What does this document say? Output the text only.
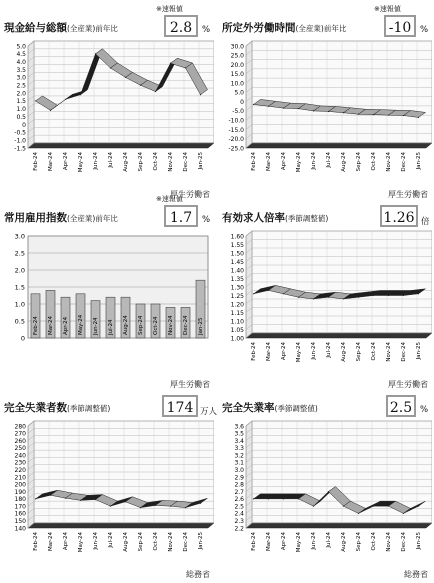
現金給与総額(全産業)前年比
※速報値
2.8	%
5.0
4.5
4.0
3.5
3.0
2.5
2.0
1.5
1.0
0.5
0
-0.5
-1.0
-1.5
Feb-24 Mar-24 Apr-24 May-24 Jun-24 Jul-24 Aug-24 Sep-24 Oct-24 Nov-24 Dec-24 Jan-25
厚生労働省
所定外労働時間(全産業)前年比
※速報値
-10	%
30.0
25.0
20.0
15.0
10.0
5.0
0
-5.0
-10.0
-15.0
-20.0
-25.0
Feb-24 Mar-24 Apr-24 May-24 Jun-24 Jul-24 Aug-24 Sep-24 Oct-24 Nov-24 Dec-24 Jan-25
厚生労働省
常用雇用指数(全産業)前年比
※速報値
1.7	%
3.0
2.5
2.0
1.5
1.0
0.5
0
Feb-24 Mar-24 Apr-24 May-24 Jun-24 Jul-24 Aug-24 Sep-24 Oct-24 Nov-24 Dec-24 Jan-25
厚生労働省
有効求人倍率(季節調整値)	1.26 倍
1.60
1.55
1.50
1.45
1.40
1.35
1.30
1.25
1.20
1.15
1.10
1.05
1.00
Feb-24 Mar-24 Apr-24 May-24 Jun-24 Jul-24 Aug-24 Sep-24 Oct-24 Nov-24 Dec-24 Jan-25
厚生労働省
完全失業者数(季節調整値)	174 万人
280
270
260
250
240
230
220
210
200
190
180
170
160
150
140
Feb-24 Mar-24 Apr-24 May-24 Jun-24 Jul-24 Aug-24 Sep-24 Oct-24 Nov-24 Dec-24 Jan-25
総務省
完全失業率(季節調整値)	2.5 %
3.6
3.5
3.4
3.3
3.2
3.1
3.0
2.9
2.8
2.7
2.6
2.5
2.4
2.3
2.2
Feb-24 Mar-24 Apr-24 May-24 Jun-24 Jul-24 Aug-24 Sep-24 Oct-24 Nov-24 Dec-24 Jan-25
総務省
